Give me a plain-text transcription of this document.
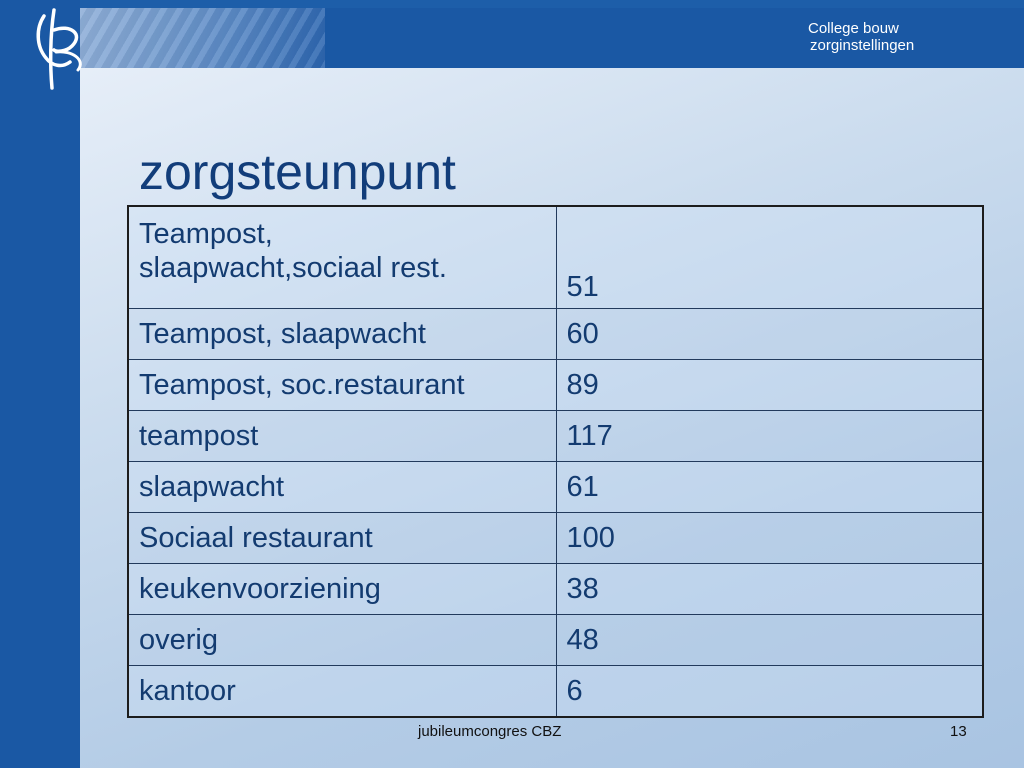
College bouw
zorginstellingen
zorgsteunpunt
Teampost,
slaapwacht,sociaal rest.	51
Teampost, slaapwacht	60
Teampost, soc.restaurant	89
teampost	117
slaapwacht	61
Sociaal restaurant	100
keukenvoorziening	38
overig	48
kantoor	6
jubileumcongres CBZ	13
